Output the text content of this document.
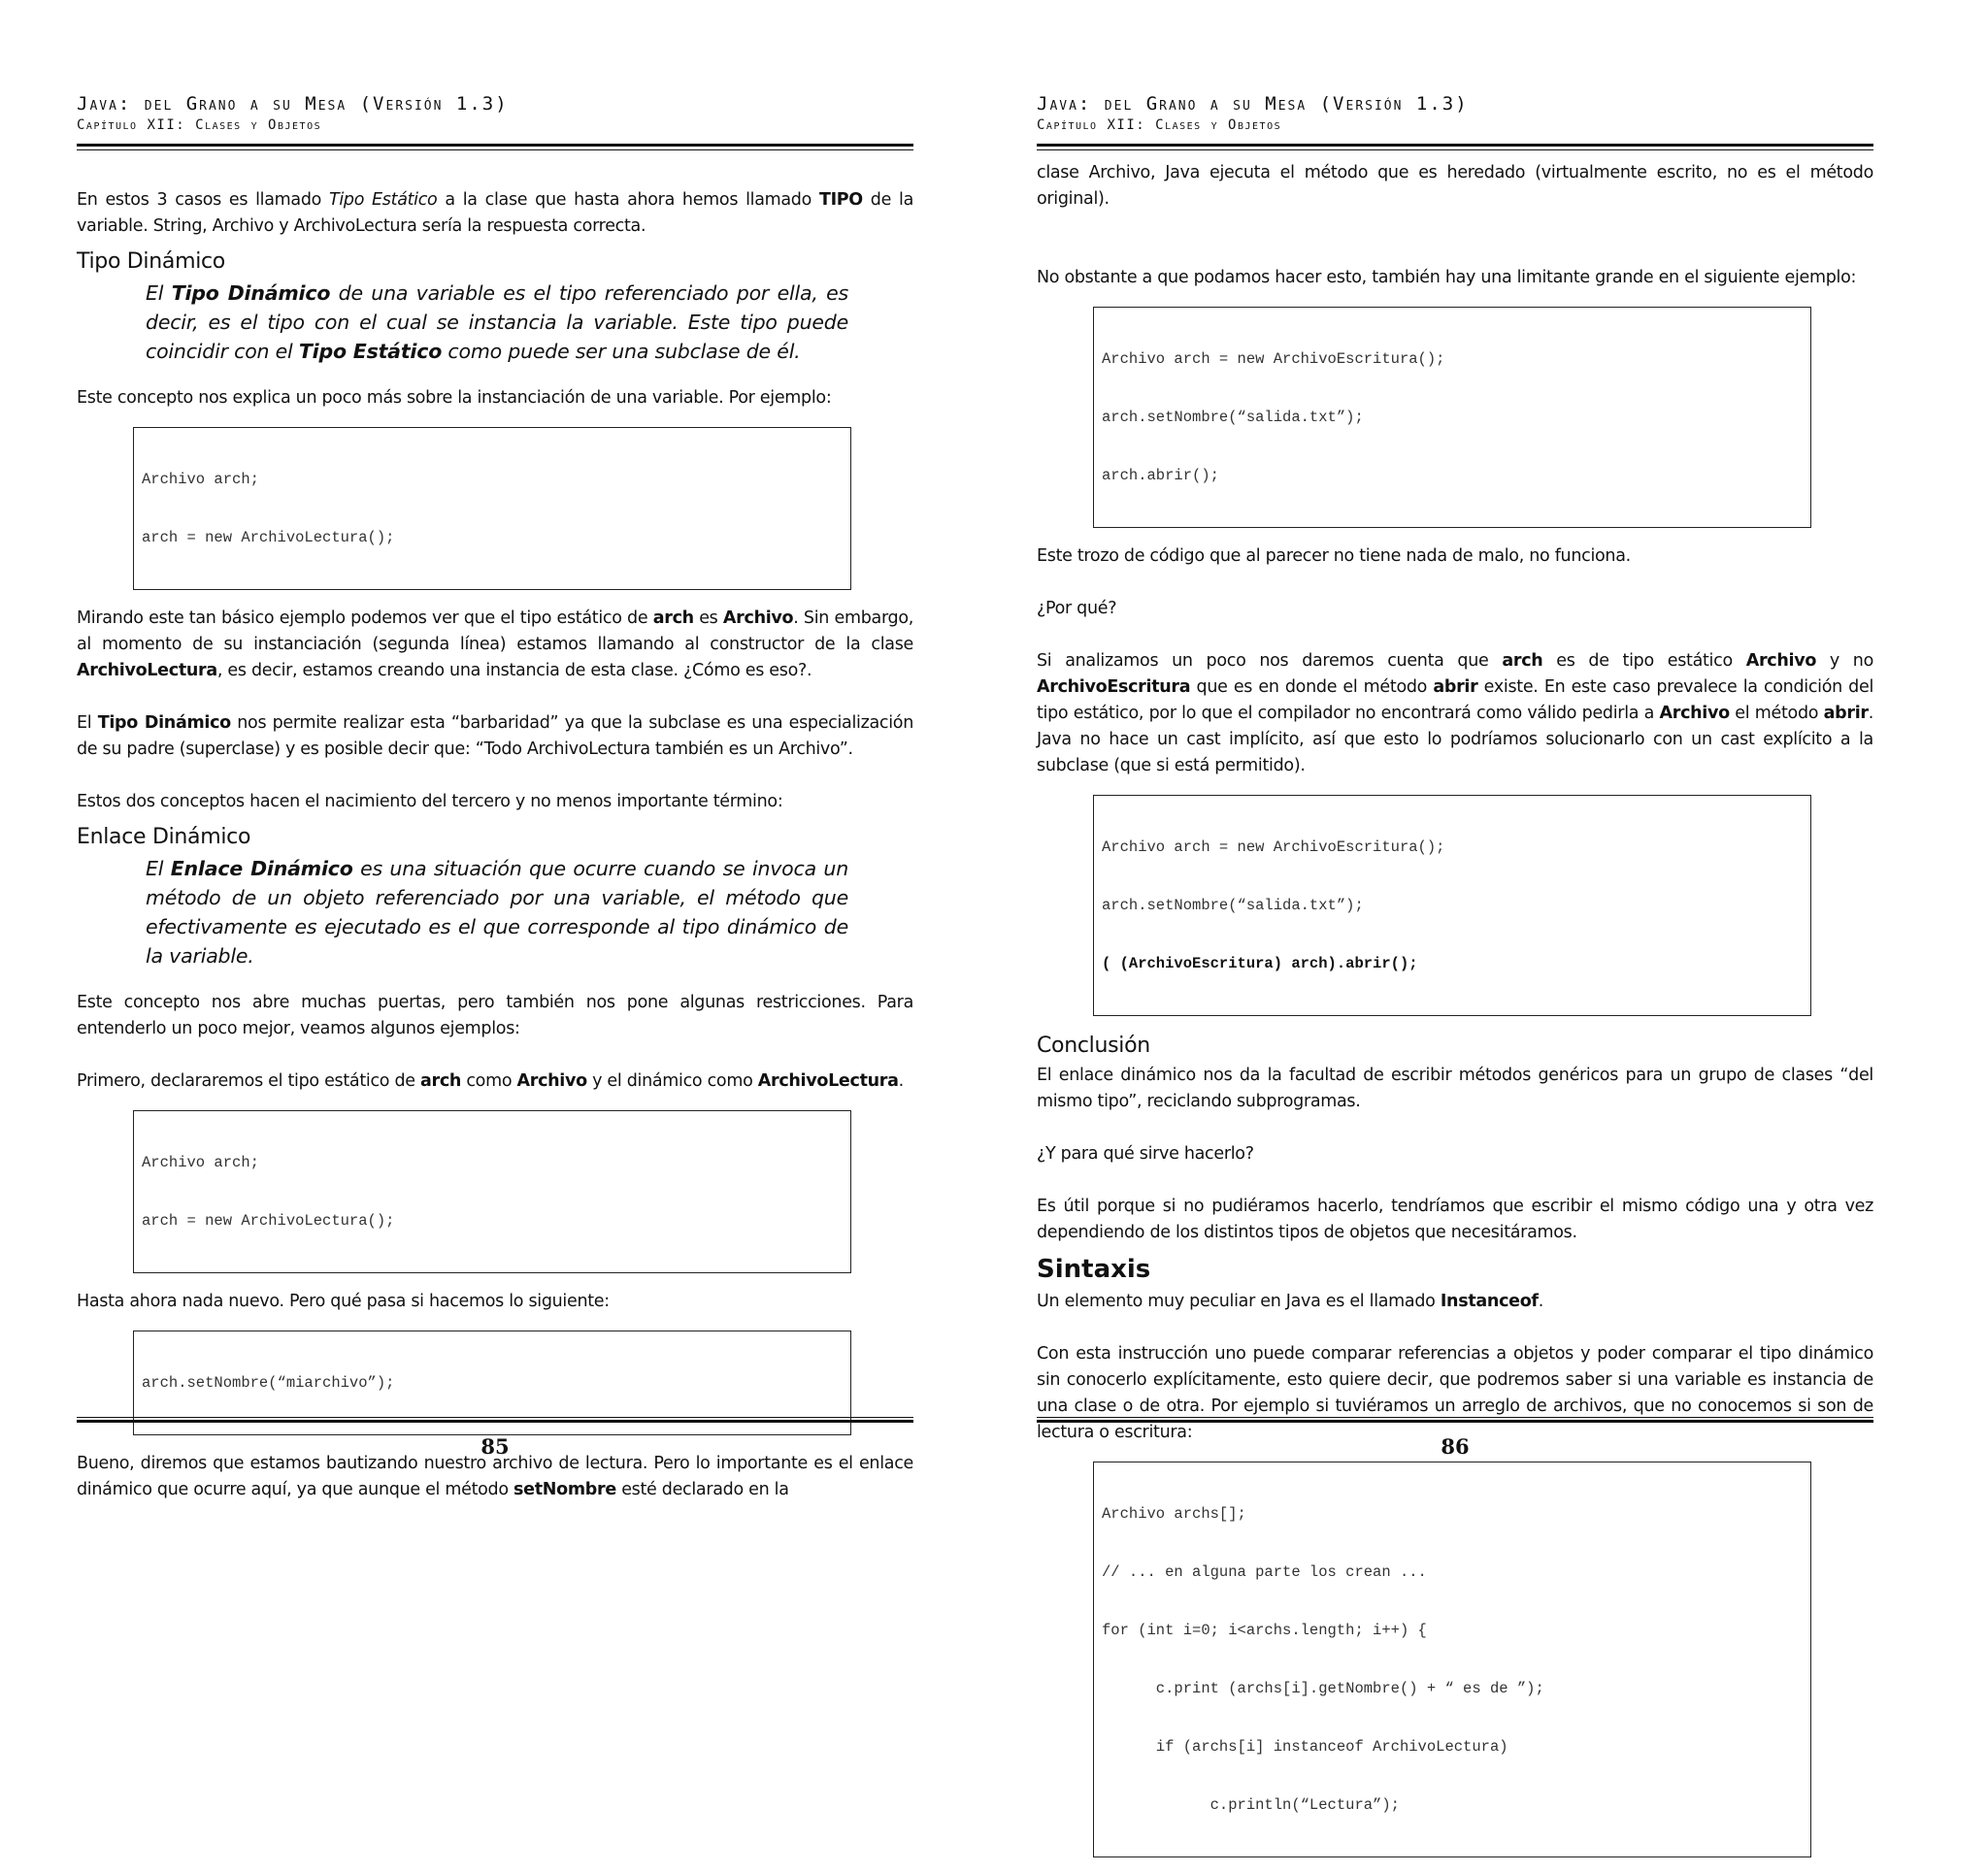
Java: del Grano a su Mesa (Versión 1.3)
Capítulo XII: Clases y Objetos

En estos 3 casos es llamado Tipo Estático a la clase que hasta ahora hemos llamado TIPO de la variable. String, Archivo y ArchivoLectura sería la respuesta correcta.

Tipo Dinámico
El Tipo Dinámico de una variable es el tipo referenciado por ella, es decir, es el tipo con el cual se instancia la variable. Este tipo puede coincidir con el Tipo Estático como puede ser una subclase de él.

Este concepto nos explica un poco más sobre la instanciación de una variable. Por ejemplo:

Archivo arch;

arch = new ArchivoLectura();

Mirando este tan básico ejemplo podemos ver que el tipo estático de arch es Archivo. Sin embargo, al momento de su instanciación (segunda línea) estamos llamando al constructor de la clase ArchivoLectura, es decir, estamos creando una instancia de esta clase. ¿Cómo es eso?.

El Tipo Dinámico nos permite realizar esta “barbaridad” ya que la subclase es una especialización de su padre (superclase) y es posible decir que: “Todo ArchivoLectura también es un Archivo”.

Estos dos conceptos hacen el nacimiento del tercero y no menos importante término:

Enlace Dinámico
El Enlace Dinámico es una situación que ocurre cuando se invoca un método de un objeto referenciado por una variable, el método que efectivamente es ejecutado es el que corresponde al tipo dinámico de la variable.

Este concepto nos abre muchas puertas, pero también nos pone algunas restricciones. Para entenderlo un poco mejor, veamos algunos ejemplos:

Primero, declararemos el tipo estático de arch como Archivo y el dinámico como ArchivoLectura.

Archivo arch;

arch = new ArchivoLectura();

Hasta ahora nada nuevo. Pero qué pasa si hacemos lo siguiente:

arch.setNombre(“miarchivo”);

Bueno, diremos que estamos bautizando nuestro archivo de lectura. Pero lo importante es el enlace dinámico que ocurre aquí, ya que aunque el método setNombre esté declarado en la

85
Java: del Grano a su Mesa (Versión 1.3)
Capítulo XII: Clases y Objetos

clase Archivo, Java ejecuta el método que es heredado (virtualmente escrito, no es el método original).

No obstante a que podamos hacer esto, también hay una limitante grande en el siguiente ejemplo:

Archivo arch = new ArchivoEscritura();

arch.setNombre(“salida.txt”);

arch.abrir();

Este trozo de código que al parecer no tiene nada de malo, no funciona.

¿Por qué?

Si analizamos un poco nos daremos cuenta que arch es de tipo estático Archivo y no ArchivoEscritura que es en donde el método abrir existe. En este caso prevalece la condición del tipo estático, por lo que el compilador no encontrará como válido pedirla a Archivo el método abrir. Java no hace un cast implícito, así que esto lo podríamos solucionarlo con un cast explícito a la subclase (que si está permitido).

Archivo arch = new ArchivoEscritura();

arch.setNombre(“salida.txt”);

( (ArchivoEscritura) arch).abrir();

Conclusión

El enlace dinámico nos da la facultad de escribir métodos genéricos para un grupo de clases “del mismo tipo”, reciclando subprogramas.

¿Y para qué sirve hacerlo?

Es útil porque si no pudiéramos hacerlo, tendríamos que escribir el mismo código una y otra vez dependiendo de los distintos tipos de objetos que necesitáramos.

Sintaxis

Un elemento muy peculiar en Java es el llamado Instanceof.

Con esta instrucción uno puede comparar referencias a objetos y poder comparar el tipo dinámico sin conocerlo explícitamente, esto quiere decir, que podremos saber si una variable es instancia de una clase o de otra. Por ejemplo si tuviéramos un arreglo de archivos, que no conocemos si son de lectura o escritura:

Archivo archs[];

// ... en alguna parte los crean ...

for (int i=0; i<archs.length; i++) {

c.print (archs[i].getNombre() + “ es de ”);

if (archs[i] instanceof ArchivoLectura)

c.println(“Lectura”);

86
